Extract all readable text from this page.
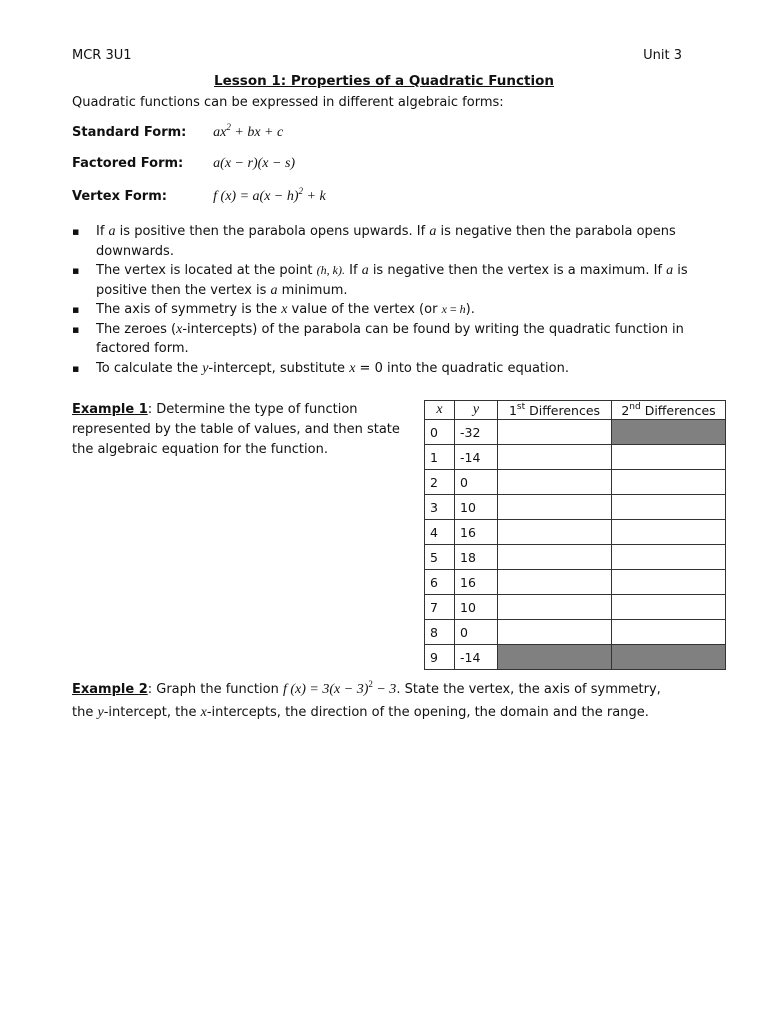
MCR 3U1	Unit 3
Lesson 1: Properties of a Quadratic Function
Quadratic functions can be expressed in different algebraic forms:
Standard Form: $ax^2$ + bx + c
Factored Form: a(x − r)(x − s)
Vertex Form:	f $(x) = a(x - h)^2 + k$
▪ If a is positive then the parabola opens upwards. If a is negative then the parabola opens downwards.
▪ The vertex is located at the point (h, k). If a is negative then the vertex is a maximum. If a is positive then the vertex is a minimum.
▪ The axis of symmetry is the x value of the vertex (or x = h).
▪ The zeroes (x-intercepts) of the parabola can be found by writing the quadratic function in factored form.
▪ To calculate the y-intercept, substitute x = 0 into the quadratic equation.
Example 1: Determine the type of function represented by the table of values, and then state the algebraic equation for the function.
x	y	1st Differences	2nd Differences
0	-32		
1	-14		
2	0		
3	10		
4	16		
5	18		
6	16		
7	10		
8	0		
9	-14		
Example 2: Graph the function f $(x) = 3(x - 3)^2 - 3$. State the vertex, the axis of symmetry,
the y-intercept, the x-intercepts, the direction of the opening, the domain and the range.
